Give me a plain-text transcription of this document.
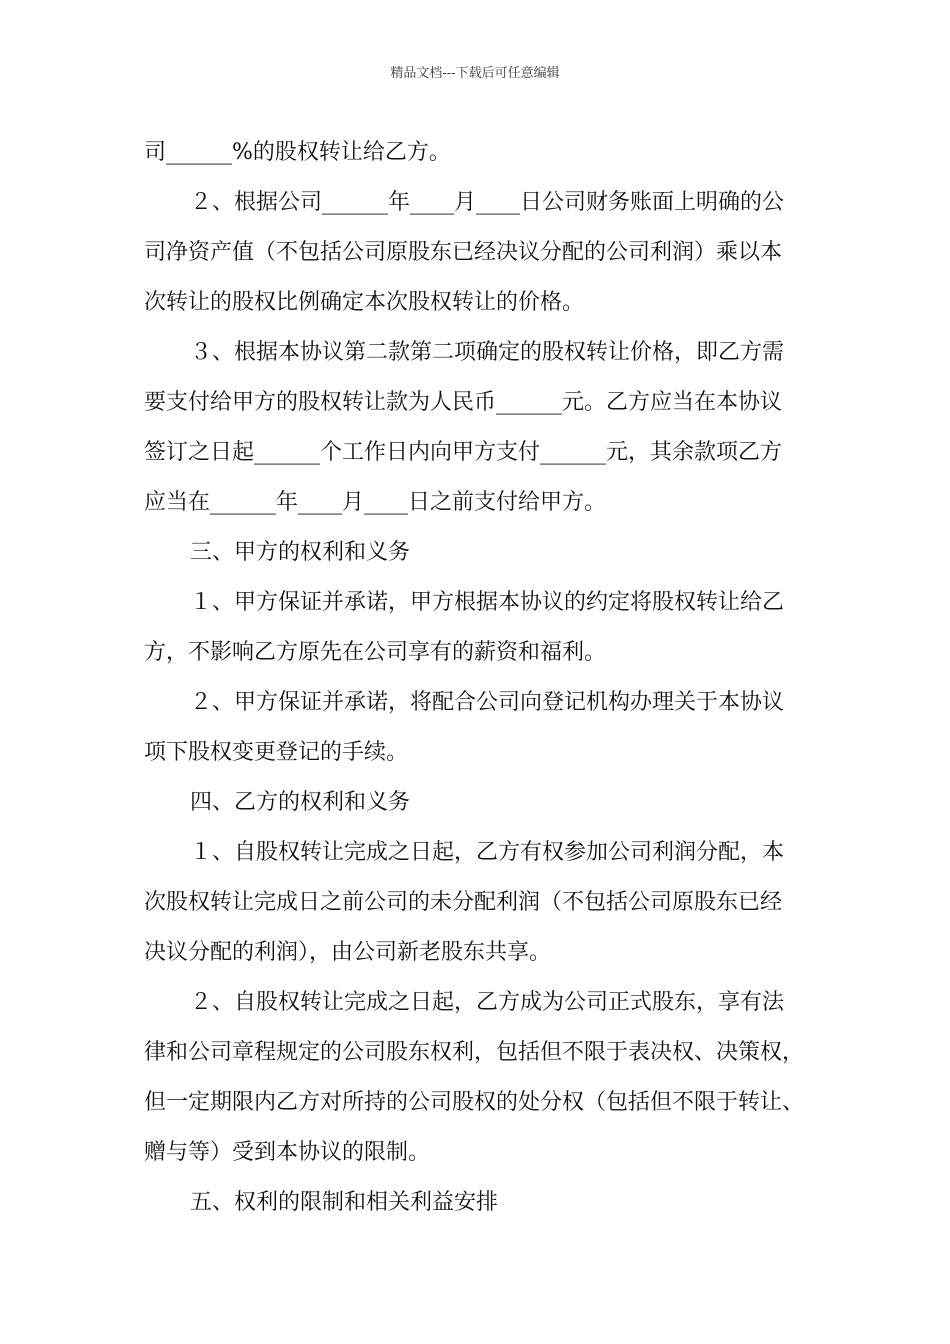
精品文档---下载后可任意编辑
司______%的股权转让给乙方。
２、根据公司______年____月____日公司财务账面上明确的公
司净资产值（不包括公司原股东已经决议分配的公司利润）乘以本
次转让的股权比例确定本次股权转让的价格。
３、根据本协议第二款第二项确定的股权转让价格，即乙方需
要支付给甲方的股权转让款为人民币______元。乙方应当在本协议
签订之日起______个工作日内向甲方支付______元，其余款项乙方
应当在______年____月____日之前支付给甲方。
三、甲方的权利和义务
１、甲方保证并承诺，甲方根据本协议的约定将股权转让给乙
方，不影响乙方原先在公司享有的薪资和福利。
２、甲方保证并承诺，将配合公司向登记机构办理关于本协议
项下股权变更登记的手续。
四、乙方的权利和义务
１、自股权转让完成之日起，乙方有权参加公司利润分配，本
次股权转让完成日之前公司的未分配利润（不包括公司原股东已经
决议分配的利润），由公司新老股东共享。
２、自股权转让完成之日起，乙方成为公司正式股东，享有法
律和公司章程规定的公司股东权利，包括但不限于表决权、决策权，
但一定期限内乙方对所持的公司股权的处分权（包括但不限于转让、
赠与等）受到本协议的限制。
五、权利的限制和相关利益安排
